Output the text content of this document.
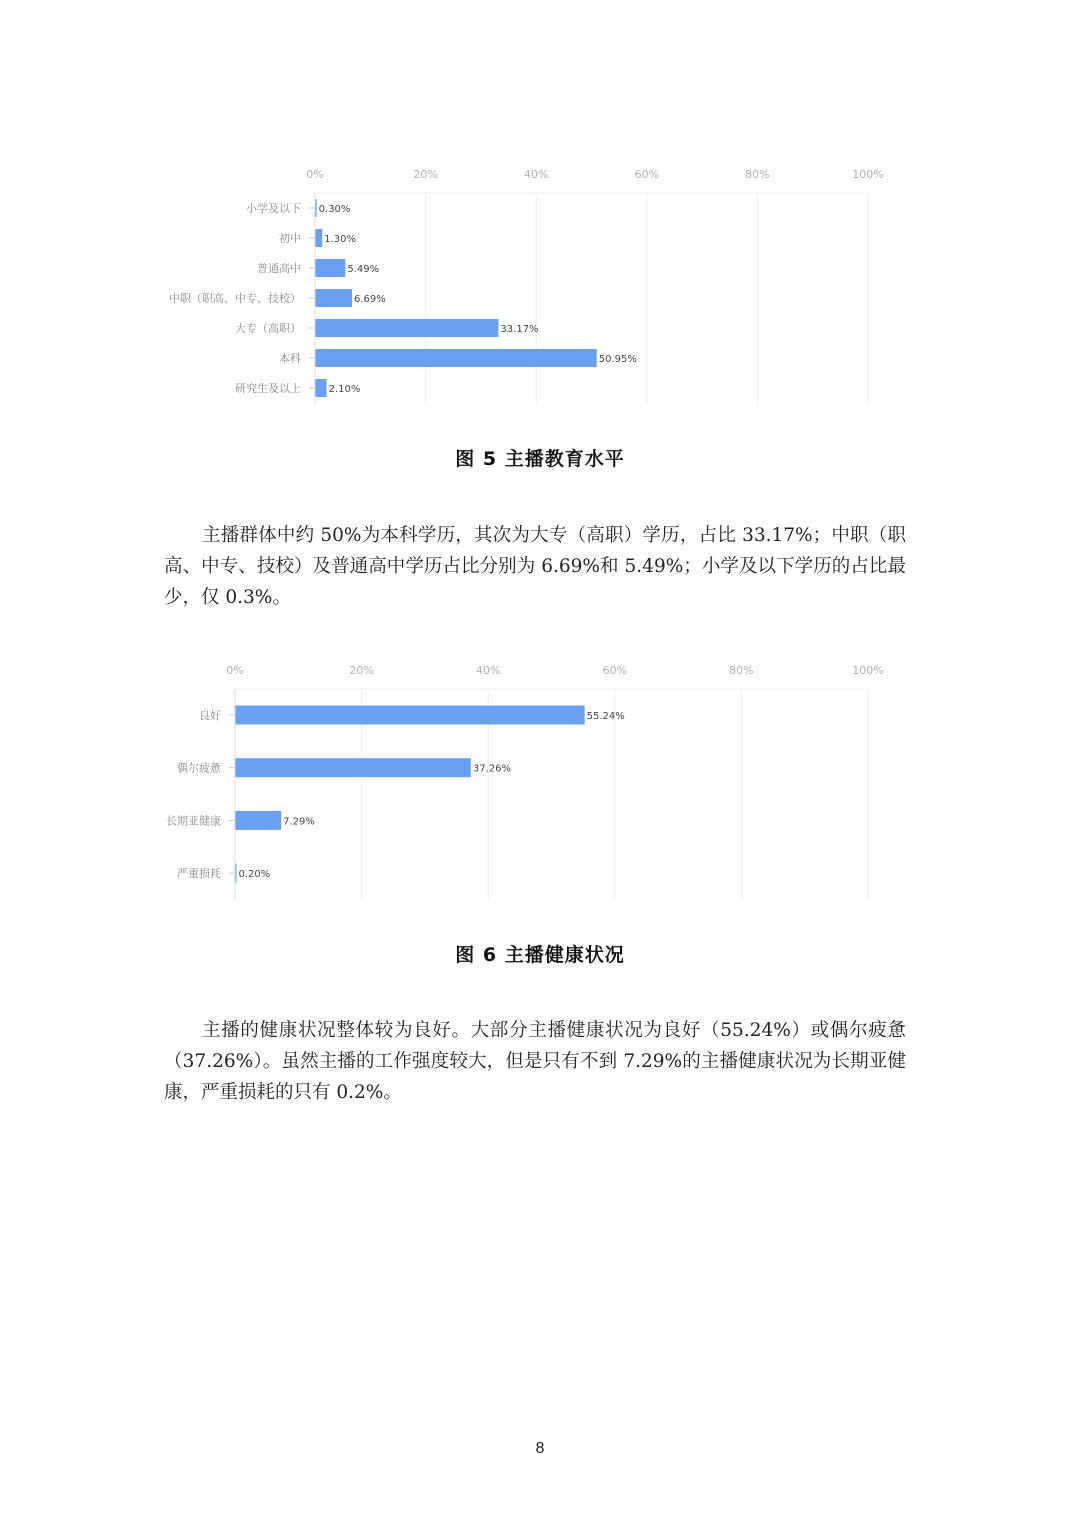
0%	20%	40%	60%	80%	100%
小学及以下 0.30%
初中 1.30%
普通高中	5.49%
中职（职高、中专、技校）	6.69%
大专（高职）	33.17%
本科	50.95%
研究生及以上	2.10%
图 5 主播教育水平
主播群体中约 50%为本科学历，其次为大专（高职）学历，占比 33.17%；中职（职高、中专、技校）及普通高中学历占比分别为 6.69%和 5.49%；小学及以下学历的占比最少，仅 0.3%。
0%	20%	40%	60%	80%	100%
良好	55.24%
偶尔疲惫	37.26%
长期亚健康	7.29%
严重损耗 0.20%
图 6 主播健康状况
主播的健康状况整体较为良好。大部分主播健康状况为良好（55.24%）或偶尔疲惫（37.26%）。虽然主播的工作强度较大，但是只有不到 7.29%的主播健康状况为长期亚健康，严重损耗的只有 0.2%。
8
